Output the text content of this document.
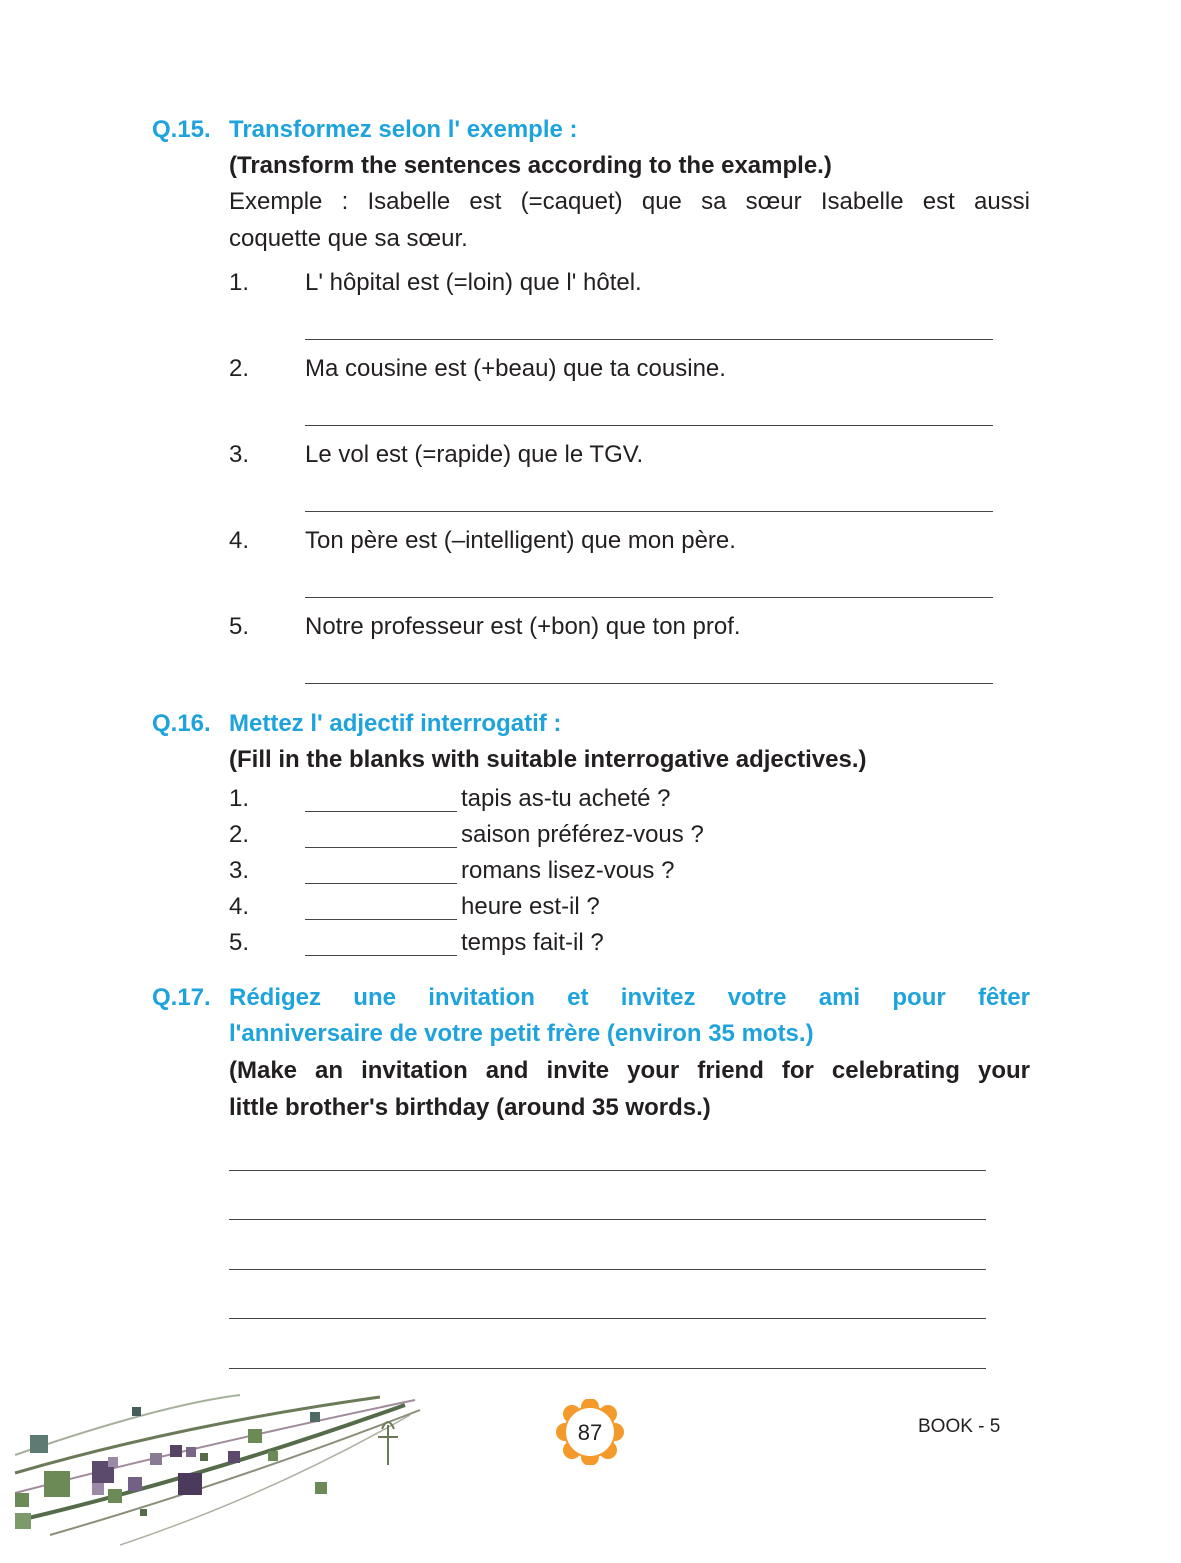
Q.15. Transformez selon l' exemple :
(Transform the sentences according to the example.)
Exemple : Isabelle est (=caquet) que sa sœur Isabelle est aussi
coquette que sa sœur.
1.	L' hôpital est (=loin) que l' hôtel.
2.	Ma cousine est (+beau) que ta cousine.
3.	Le vol est (=rapide) que le TGV.
4.	Ton père est (–intelligent) que mon père.
5.	Notre professeur est (+bon) que ton prof.
Q.16. Mettez l' adjectif interrogatif :
(Fill in the blanks with suitable interrogative adjectives.)
1.	tapis as-tu acheté ?
2.	saison préférez-vous ?
3.	romans lisez-vous ?
4.	heure est-il ?
5.	temps fait-il ?
Q.17. Rédigez une invitation et invitez votre ami pour fêter
l'anniversaire de votre petit frère (environ 35 mots.)
(Make an invitation and invite your friend for celebrating your
little brother's birthday (around 35 words.)
87	BOOK - 5
